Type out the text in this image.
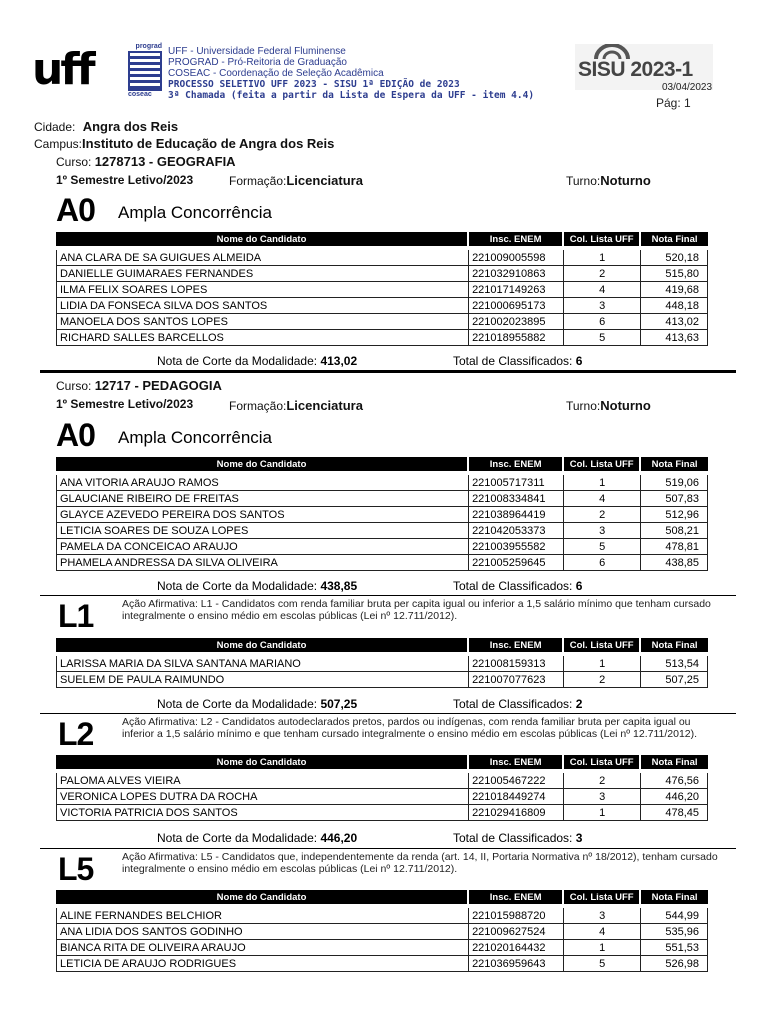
uff	prograd
coseac
UFF - Universidade Federal Fluminense
PROGRAD - Pró-Reitoria de Graduação
COSEAC - Coordenação de Seleção Acadêmica
PROCESSO SELETIVO UFF 2023 - SISU 1ª EDIÇÃO de 2023
3ª Chamada (feita a partir da Lista de Espera da UFF - item 4.4)
SISU 2023-1
03/04/2023
Pág: 1
Cidade: Angra dos Reis
Campus:Instituto de Educação de Angra dos Reis
Curso: 1278713 - GEOGRAFIA
1º Semestre Letivo/2023	Formação:Licenciatura	Turno:Noturno
A0 Ampla Concorrência
Nome do Candidato	Insc. ENEM	Col. Lista UFF	Nota Final

ANA CLARA DE SA GUIGUES ALMEIDA	221009005598	1	520,18
DANIELLE GUIMARAES FERNANDES	221032910863	2	515,80
ILMA FELIX SOARES LOPES	221017149263	4	419,68
LIDIA DA FONSECA SILVA DOS SANTOS	221000695173	3	448,18
MANOELA DOS SANTOS LOPES	221002023895	6	413,02
RICHARD SALLES BARCELLOS	221018955882	5	413,63
Nota de Corte da Modalidade: 413,02	Total de Classificados: 6
Curso: 12717 - PEDAGOGIA
1º Semestre Letivo/2023	Formação:Licenciatura	Turno:Noturno
A0 Ampla Concorrência
Nome do Candidato	Insc. ENEM	Col. Lista UFF	Nota Final

ANA VITORIA ARAUJO RAMOS	221005717311	1	519,06
GLAUCIANE RIBEIRO DE FREITAS	221008334841	4	507,83
GLAYCE AZEVEDO PEREIRA DOS SANTOS	221038964419	2	512,96
LETICIA SOARES DE SOUZA LOPES	221042053373	3	508,21
PAMELA DA CONCEICAO ARAUJO	221003955582	5	478,81
PHAMELA ANDRESSA DA SILVA OLIVEIRA	221005259645	6	438,85
Nota de Corte da Modalidade: 438,85	Total de Classificados: 6
L1	Ação Afirmativa: L1 - Candidatos com renda familiar bruta per capita igual ou inferior a 1,5 salário mínimo que tenham cursado integralmente o ensino médio em escolas públicas (Lei nº 12.711/2012).
Nome do Candidato	Insc. ENEM	Col. Lista UFF	Nota Final

LARISSA MARIA DA SILVA SANTANA MARIANO	221008159313	1	513,54
SUELEM DE PAULA RAIMUNDO	221007077623	2	507,25
Nota de Corte da Modalidade: 507,25	Total de Classificados: 2
L2	Ação Afirmativa: L2 - Candidatos autodeclarados pretos, pardos ou indígenas, com renda familiar bruta per capita igual ou inferior a 1,5 salário mínimo e que tenham cursado integralmente o ensino médio em escolas públicas (Lei nº 12.711/2012).
Nome do Candidato	Insc. ENEM	Col. Lista UFF	Nota Final

PALOMA ALVES VIEIRA	221005467222	2	476,56
VERONICA LOPES DUTRA DA ROCHA	221018449274	3	446,20
VICTORIA PATRICIA DOS SANTOS	221029416809	1	478,45
Nota de Corte da Modalidade: 446,20	Total de Classificados: 3
L5	Ação Afirmativa: L5 - Candidatos que, independentemente da renda (art. 14, II, Portaria Normativa nº 18/2012), tenham cursado integralmente o ensino médio em escolas públicas (Lei nº 12.711/2012).
Nome do Candidato	Insc. ENEM	Col. Lista UFF	Nota Final

ALINE FERNANDES BELCHIOR	221015988720	3	544,99
ANA LIDIA DOS SANTOS GODINHO	221009627524	4	535,96
BIANCA RITA DE OLIVEIRA ARAUJO	221020164432	1	551,53
LETICIA DE ARAUJO RODRIGUES	221036959643	5	526,98
